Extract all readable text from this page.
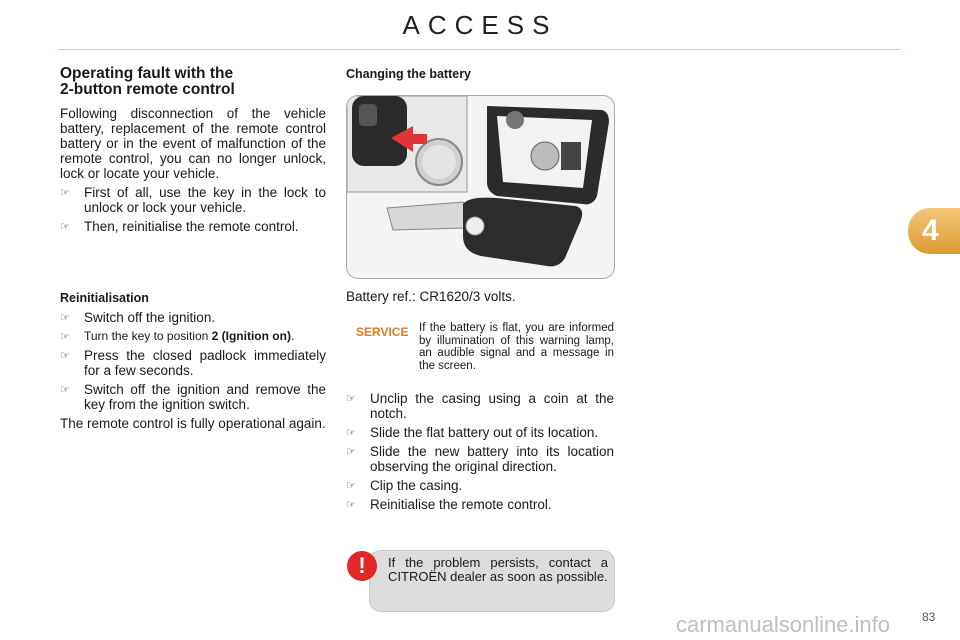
ACCESS
4
Operating fault with the
2-button remote control

Following disconnection of the vehicle battery, replacement of the remote control battery or in the event of malfunction of the remote control, you can no longer unlock, lock or locate your vehicle.

☞ First of all, use the key in the lock to unlock or lock your vehicle.
☞ Then, reinitialise the remote control.
Reinitialisation
☞ Switch off the ignition.
☞ Turn the key to position 2 (Ignition on).
☞ Press the closed padlock immediately for a few seconds.
☞ Switch off the ignition and remove the key from the ignition switch.

The remote control is fully operational again.

Changing the battery
Battery ref.: CR1620/3 volts.
SERVICE If the battery is flat, you are informed by illumination of this warning lamp, an audible signal and a message in the screen.
☞ Unclip the casing using a coin at the notch.
☞ Slide the flat battery out of its location.
☞ Slide the new battery into its location observing the original direction.
☞ Clip the casing.
☞ Reinitialise the remote control.
!	If the problem persists, contact a CITROËN dealer as soon as possible.
carmanualsonline.info	83
